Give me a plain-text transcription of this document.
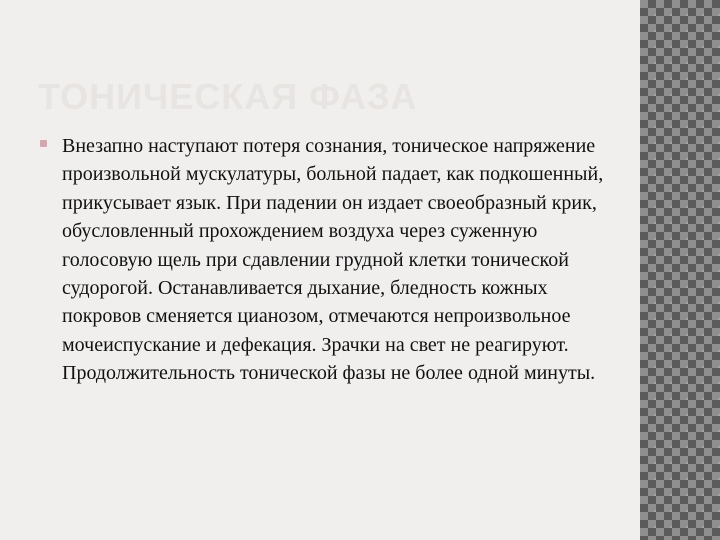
ТОНИЧЕСКАЯ ФАЗА

Внезапно наступают потеря сознания, тоническое напряжение произвольной мускулатуры, больной падает, как подкошенный, прикусывает язык. При падении он издает своеобразный крик, обусловленный прохождением воздуха через суженную голосовую щель при сдавлении грудной клетки тонической судорогой. Останавливается дыхание, бледность кожных покровов сменяется цианозом, отмечаются непроизвольное мочеиспускание и дефекация. Зрачки на свет не реагируют. Продолжительность тонической фазы не более одной минуты.
